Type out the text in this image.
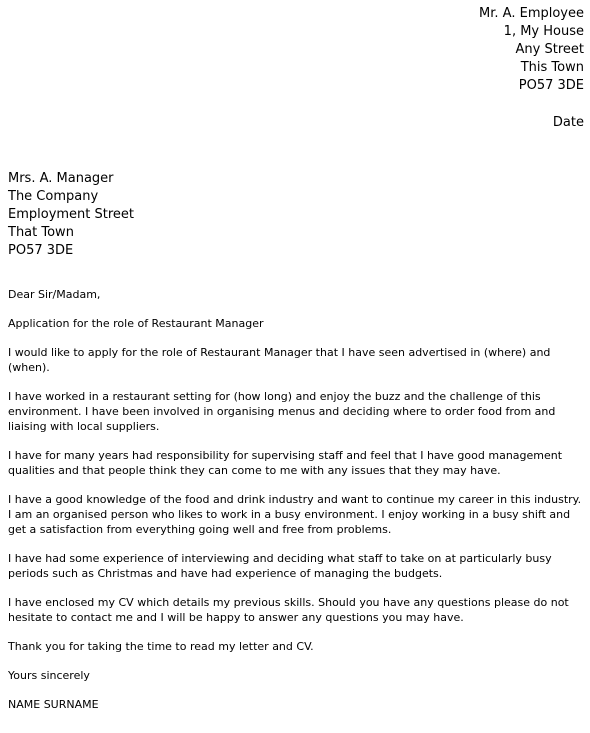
Mr. A. Employee
1, My House
Any Street
This Town
PO57 3DE
Date
Mrs. A. Manager
The Company
Employment Street
That Town
PO57 3DE

Dear Sir/Madam,

Application for the role of Restaurant Manager

I would like to apply for the role of Restaurant Manager that I have seen advertised in (where) and (when).

I have worked in a restaurant setting for (how long) and enjoy the buzz and the challenge of this environment. I have been involved in organising menus and deciding where to order food from and liaising with local suppliers.

I have for many years had responsibility for supervising staff and feel that I have good management qualities and that people think they can come to me with any issues that they may have.

I have a good knowledge of the food and drink industry and want to continue my career in this industry. I am an organised person who likes to work in a busy environment. I enjoy working in a busy shift and get a satisfaction from everything going well and free from problems.

I have had some experience of interviewing and deciding what staff to take on at particularly busy periods such as Christmas and have had experience of managing the budgets.

I have enclosed my CV which details my previous skills. Should you have any questions please do not hesitate to contact me and I will be happy to answer any questions you may have.

Thank you for taking the time to read my letter and CV.

Yours sincerely

NAME SURNAME
